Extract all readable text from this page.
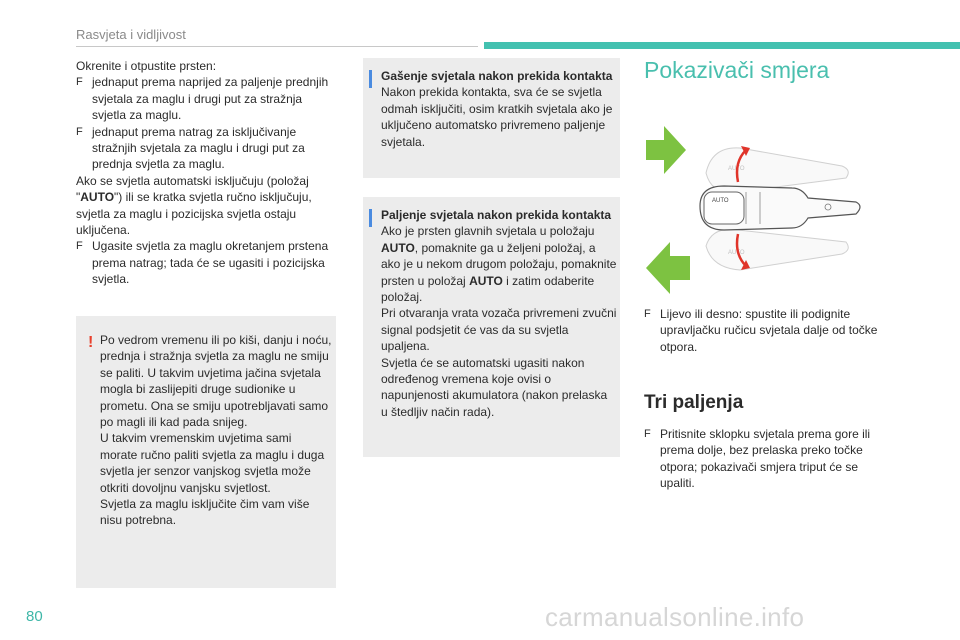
Rasvjeta i vidljivost

Okrenite i otpustite prsten:

F jednaput prema naprijed za paljenje prednjih svjetala za maglu i drugi put za stražnja svjetla za maglu.

F jednaput prema natrag za isključivanje stražnjih svjetala za maglu i drugi put za prednja svjetla za maglu.

Ako se svjetla automatski isključuju (položaj "AUTO") ili se kratka svjetla ručno isključuju, svjetla za maglu i pozicijska svjetla ostaju uključena.

F Ugasite svjetla za maglu okretanjem prstena prema natrag; tada će se ugasiti i pozicijska svjetla.

! Po vedrom vremenu ili po kiši, danju i noću, prednja i stražnja svjetla za maglu ne smiju se paliti. U takvim uvjetima jačina svjetala mogla bi zaslijepiti druge sudionike u prometu. Ona se smiju upotrebljavati samo po magli ili kad pada snijeg.

U takvim vremenskim uvjetima sami morate ručno paliti svjetla za maglu i duga svjetla jer senzor vanjskog svjetla može otkriti dovoljnu vanjsku svjetlost.

Svjetla za maglu isključite čim vam više nisu potrebna.

Gašenje svjetala nakon prekida kontakta

Nakon prekida kontakta, sva će se svjetla odmah isključiti, osim kratkih svjetala ako je uključeno automatsko privremeno paljenje svjetala.

Paljenje svjetala nakon prekida kontakta

Ako je prsten glavnih svjetala u položaju AUTO, pomaknite ga u željeni položaj, a ako je u nekom drugom položaju, pomaknite prsten u položaj AUTO i zatim odaberite položaj.

Pri otvaranja vrata vozača privremeni zvučni signal podsjetit će vas da su svjetla upaljena.

Svjetla će se automatski ugasiti nakon određenog vremena koje ovisi o napunjenosti akumulatora (nakon prelaska u štedljiv način rada).

Pokazivači smjera
AUTO
AUTO
AUTO

F Lijevo ili desno: spustite ili podignite upravljačku ručicu svjetala dalje od točke otpora.

Tri paljenja

F Pritisnite sklopku svjetala prema gore ili prema dolje, bez prelaska preko točke otpora; pokazivači smjera triput će se upaliti.

80	carmanualsonline.info
